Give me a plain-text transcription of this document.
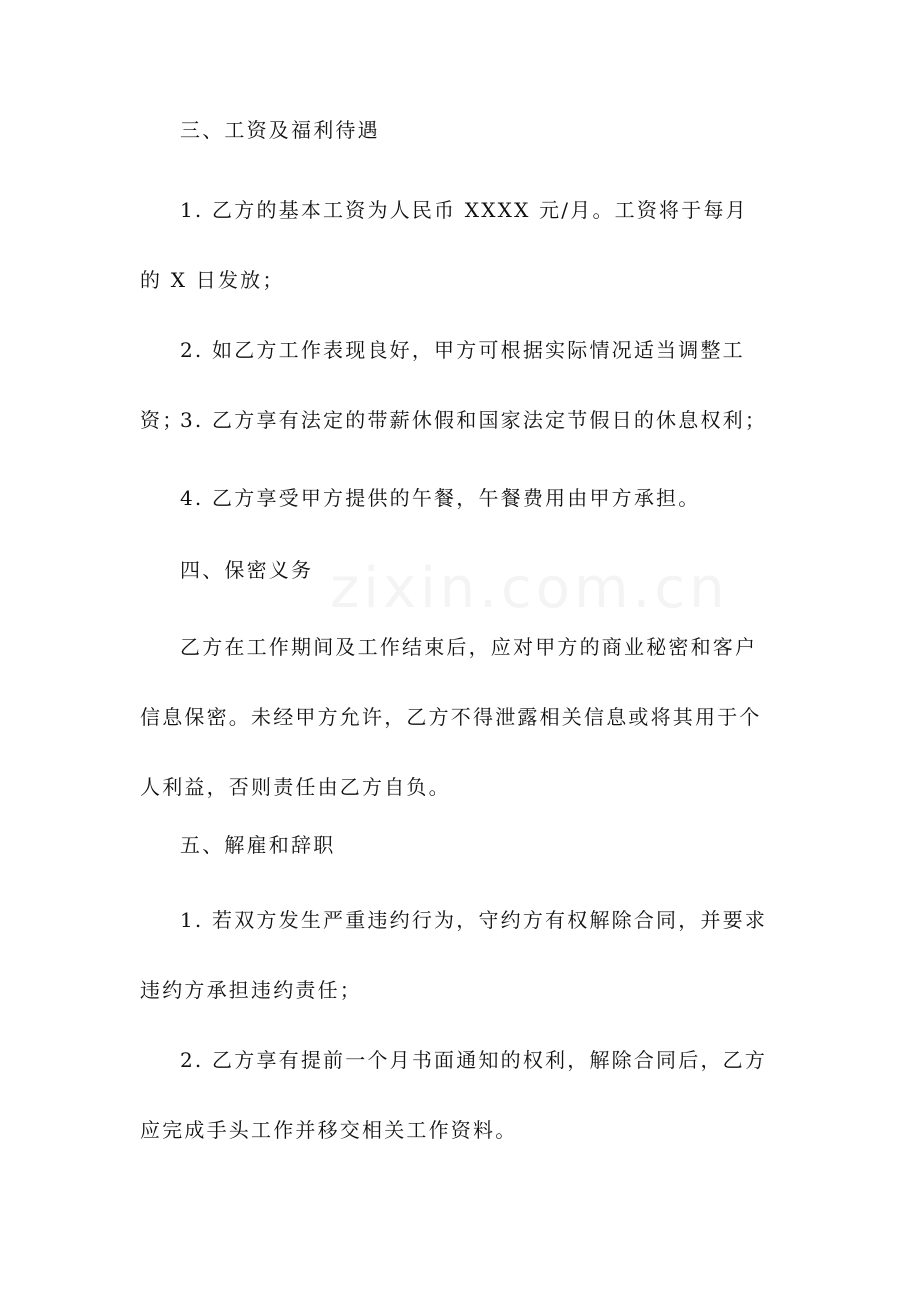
zixin.com.cn
三、工资及福利待遇
1. 乙方的基本工资为人民币 XXXX 元/月。工资将于每月的 X 日发放；
2. 如乙方工作表现良好，甲方可根据实际情况适当调整工资；
3. 乙方享有法定的带薪休假和国家法定节假日的休息权利；
4. 乙方享受甲方提供的午餐，午餐费用由甲方承担。
四、保密义务
乙方在工作期间及工作结束后，应对甲方的商业秘密和客户信息保密。未经甲方允许，乙方不得泄露相关信息或将其用于个人利益，否则责任由乙方自负。
五、解雇和辞职
1. 若双方发生严重违约行为，守约方有权解除合同，并要求违约方承担违约责任；
2. 乙方享有提前一个月书面通知的权利，解除合同后，乙方应完成手头工作并移交相关工作资料。
